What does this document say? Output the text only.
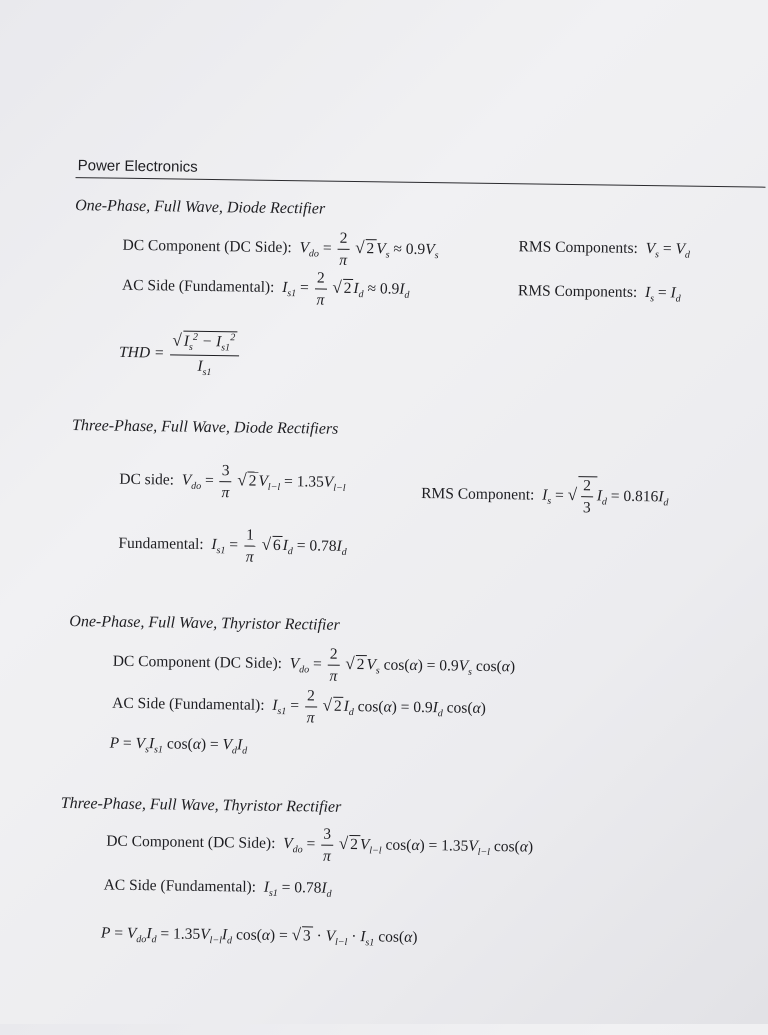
Power Electronics
One-Phase, Full Wave, Diode Rectifier
DC Component (DC Side):  $V_{do} = \frac{2}{\pi}$ √ 2 $V_s \approx 0.9V_s$	RMS Components:  $V_s = V_d$
AC Side (Fundamental):  $I_{s1} = \frac{2}{\pi}$ √ 2 $I_d \approx 0.9I_d$	RMS Components:  $I_s = I_d$
THD = $\frac{√ I_s^2 - I_{s1}^2}{I_{s1}}$
Three-Phase, Full Wave, Diode Rectifiers
DC side:  $V_{do} = \frac{3}{\pi}$ √ 2 $V_{l-l} = 1.35V_{l-l}$	RMS Component:  $I_s$ = √ $\frac{2}{3} I_d = 0.816I_d$
Fundamental:  $I_{s1} = \frac{1}{\pi}$ √ 6 $I_d = 0.78I_d$
One-Phase, Full Wave, Thyristor Rectifier
DC Component (DC Side):  $V_{do} = \frac{2}{\pi}$ √ 2 $V_s$ $\cos(\alpha) = 0.9V_s$ cos(α)
AC Side (Fundamental):  $I_{s1} = \frac{2}{\pi}$ √ 2 $I_d$ $\cos(\alpha) = 0.9I_d$ cos(α)
$P = V_sI_{s1}$ $\cos(\alpha) = V_dI_d$
Three-Phase, Full Wave, Thyristor Rectifier
DC Component (DC Side):  $V_{do} = \frac{3}{\pi}$ √ 2 $V_{l-l}$ $\cos(\alpha) = 1.35V_{l-l}$ cos(α)
AC Side (Fundamental):  $I_{s1} = 0.78I_d$
$P = V_{do}I_d = 1.35V_{l-l}I_d$ cos(α) = √ $3 \cdot V_{l-l} \cdot I_{s1}$ cos(α)
